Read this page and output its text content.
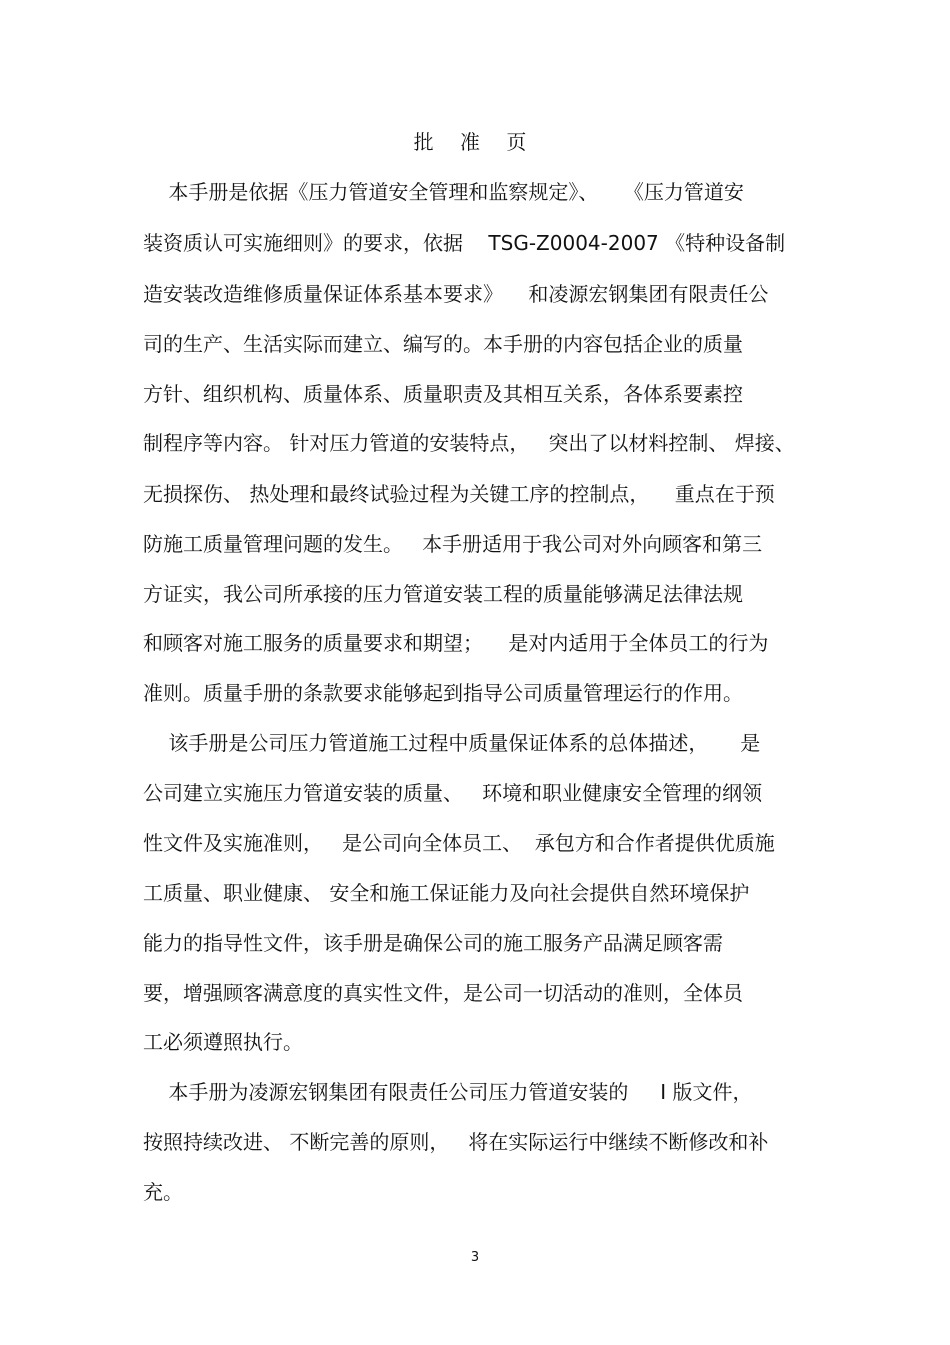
批 准 页
本手册是依据《压力管道安全管理和监察规定》、    《压力管道安
装资质认可实施细则》的要求，依据    TSG-Z0004-2007 《特种设备制
造安装改造维修质量保证体系基本要求》    和凌源宏钢集团有限责任公
司的生产、生活实际而建立、编写的。本手册的内容包括企业的质量
方针、组织机构、质量体系、质量职责及其相互关系，各体系要素控
制程序等内容。 针对压力管道的安装特点，   突出了以材料控制、 焊接、
无损探伤、 热处理和最终试验过程为关键工序的控制点，    重点在于预
防施工质量管理问题的发生。   本手册适用于我公司对外向顾客和第三
方证实，我公司所承接的压力管道安装工程的质量能够满足法律法规
和顾客对施工服务的质量要求和期望；    是对内适用于全体员工的行为
准则。质量手册的条款要求能够起到指导公司质量管理运行的作用。
该手册是公司压力管道施工过程中质量保证体系的总体描述，     是
公司建立实施压力管道安装的质量、   环境和职业健康安全管理的纲领
性文件及实施准则，   是公司向全体员工、  承包方和合作者提供优质施
工质量、职业健康、 安全和施工保证能力及向社会提供自然环境保护
能力的指导性文件，该手册是确保公司的施工服务产品满足顾客需
要，增强顾客满意度的真实性文件，是公司一切活动的准则，全体员
工必须遵照执行。
本手册为凌源宏钢集团有限责任公司压力管道安装的     Ⅰ 版文件，
按照持续改进、 不断完善的原则，   将在实际运行中继续不断修改和补
充。
3
